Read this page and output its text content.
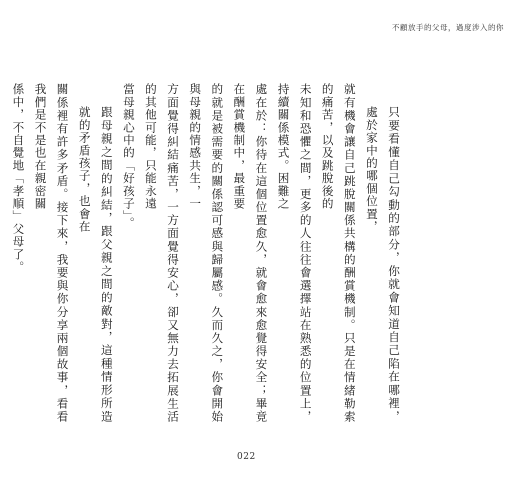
不顧放手的父母，過度涉入的你
只要看懂自己勾動的部分，你就會知道自己陷在哪裡，處於家中的哪個位置，
就有機會讓自己跳脫關係共構的酬賞機制。只是在情緒勒索的痛苦，以及跳脫後的
未知和恐懼之間，更多的人往往會選擇站在熟悉的位置上，持續關係模式。困難之
處在於：你待在這個位置愈久，就會愈來愈覺得安全；畢竟在酬賞機制中，最重要
的就是被需要的關係認可感與歸屬感。久而久之，你會開始與母親的情感共生，一
方面覺得糾結痛苦，一方面覺得安心，卻又無力去拓展生活的其他可能，只能永遠
當母親心中的「好孩子」。
跟母親之間的糾結，跟父親之間的敵對，這種情形所造就的矛盾孩子，也會在
關係裡有許多矛盾。接下來，我要與你分享兩個故事，看看我們是不是也在親密關
係中，不自覺地「孝順」父母了。
022
